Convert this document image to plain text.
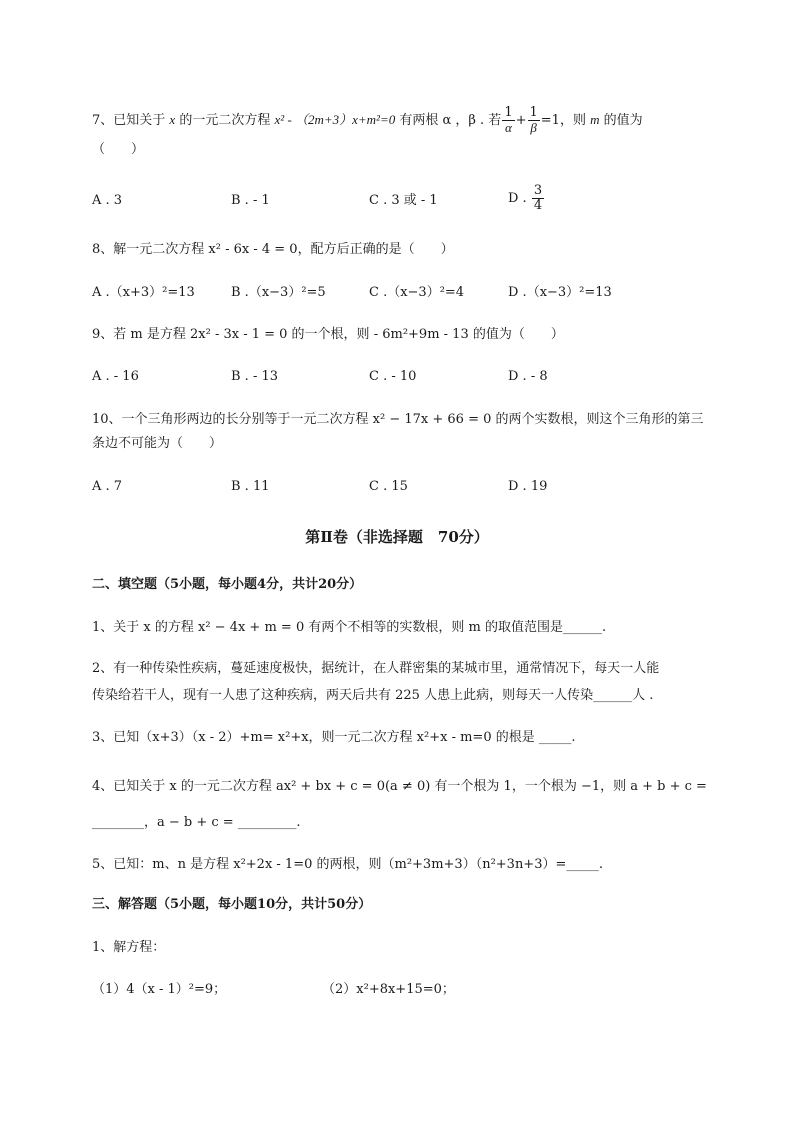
7、已知关于 x 的一元二次方程 x² - （2m+3）x+m²=0 有两根 α ，β . 若 $\frac{1}{\alpha} + \frac{1}{\beta} =1$，则 m 的值为
（　　）
A . 3	B . - 1	C . 3 或 - 1	D . $\frac{3}{4}$
8、解一元二次方程 x² - 6x - 4 = 0，配方后正确的是（　　）
A .（x+3）²=13	B .（x−3）²=5	C .（x−3）²=4	D .（x−3）²=13
9、若 m 是方程 2x² - 3x - 1 = 0 的一个根，则 - 6m²+9m - 13 的值为（　　）
A . - 16	B . - 13	C . - 10	D . - 8
10、一个三角形两边的长分别等于一元二次方程 x² − 17x + 66 = 0 的两个实数根，则这个三角形的第三
条边不可能为（　　）
A . 7	B . 11	C . 15	D . 19
第Ⅱ卷（非选择题　70分）
二、填空题（5小题，每小题4分，共计20分）
1、关于 x 的方程 x² − 4x + m = 0 有两个不相等的实数根，则 m 的取值范围是______.
2、有一种传染性疾病，蔓延速度极快，据统计，在人群密集的某城市里，通常情况下，每天一人能
传染给若干人，现有一人患了这种疾病，两天后共有 225 人患上此病，则每天一人传染______人 .
3、已知（x+3）（x - 2）+m= x²+x，则一元二次方程 x²+x - m=0 的根是 _____.
4、已知关于 x 的一元二次方程 ax² + bx + c = 0(a ≠ 0) 有一个根为 1，一个根为 −1，则 a + b + c =
________，a − b + c = _________.
5、已知：m、n 是方程 x²+2x - 1=0 的两根，则（m²+3m+3）（n²+3n+3）=_____.
三、解答题（5小题，每小题10分，共计50分）
1、解方程：
（1）4（x - 1）²=9；	（2）x²+8x+15=0；
